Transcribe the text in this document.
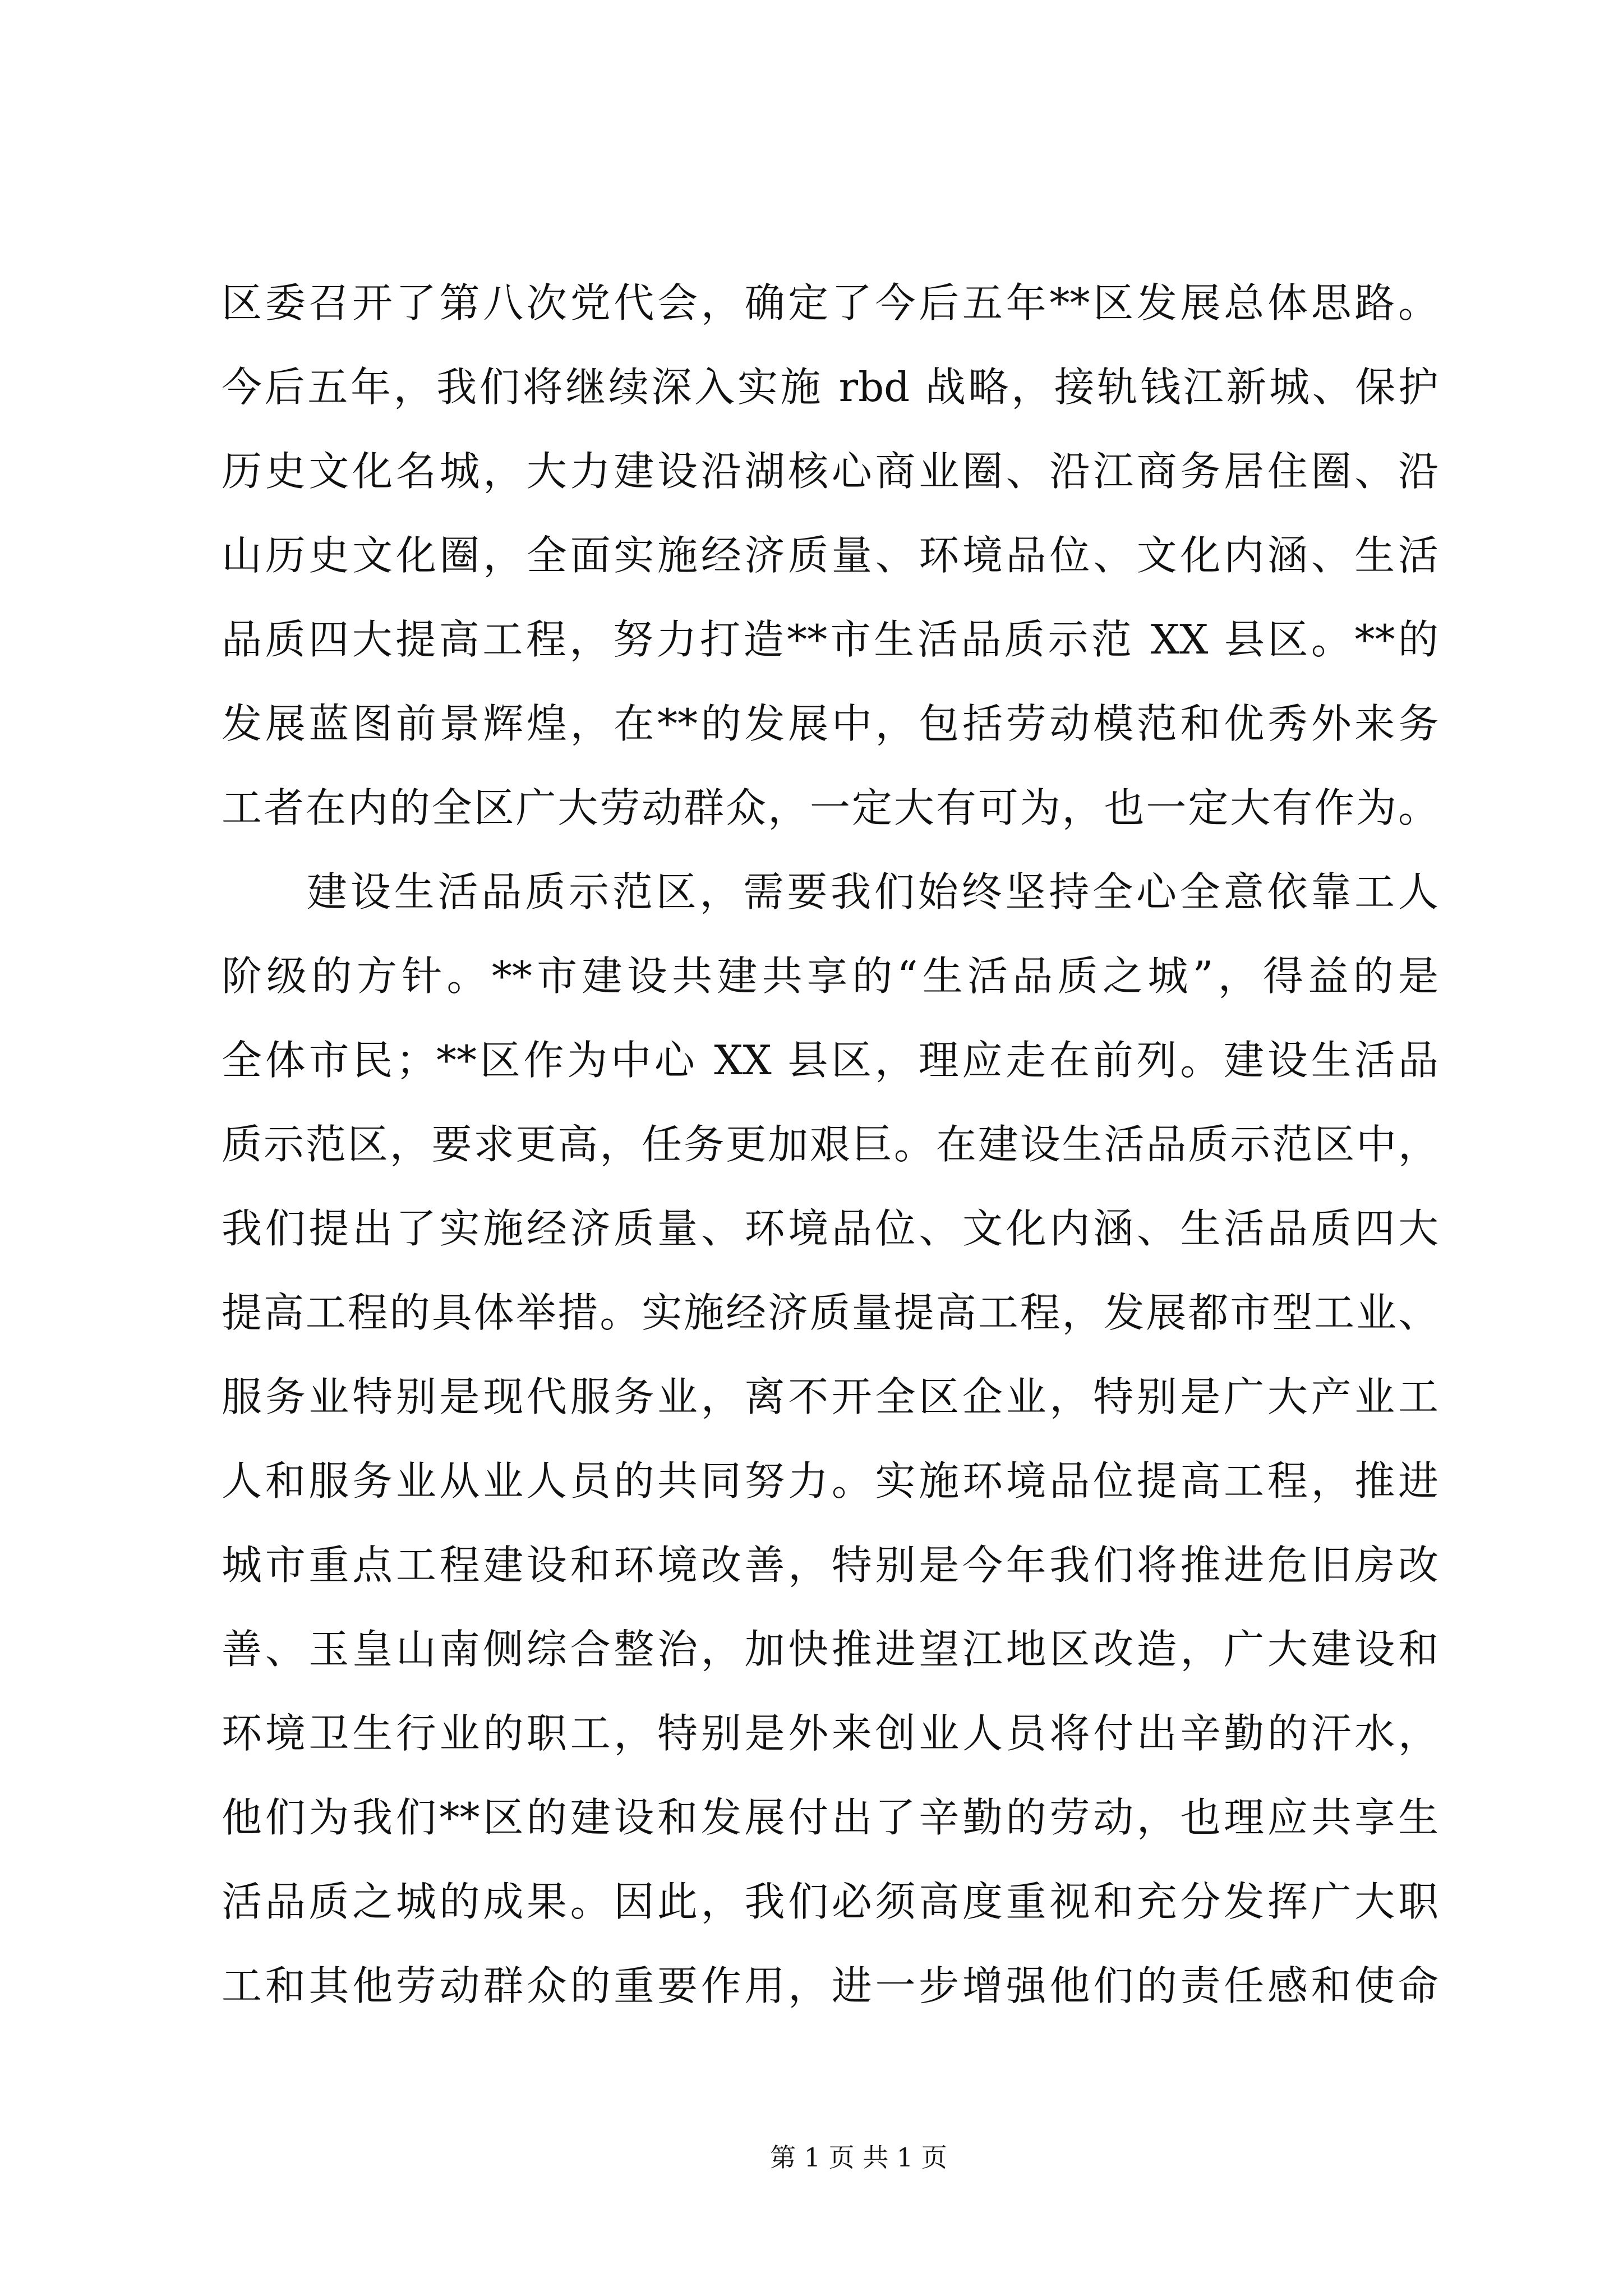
区委召开了第八次党代会，确定了今后五年**区发展总体思路。
今后五年，我们将继续深入实施 rbd 战略，接轨钱江新城、保护
历史文化名城，大力建设沿湖核心商业圈、沿江商务居住圈、沿
山历史文化圈，全面实施经济质量、环境品位、文化内涵、生活
品质四大提高工程，努力打造**市生活品质示范 XX 县区。**的
发展蓝图前景辉煌，在**的发展中，包括劳动模范和优秀外来务
工者在内的全区广大劳动群众，一定大有可为，也一定大有作为。
建设生活品质示范区，需要我们始终坚持全心全意依靠工人
阶级的方针。**市建设共建共享的“生活品质之城”，得益的是
全体市民；**区作为中心 XX 县区，理应走在前列。建设生活品
质示范区，要求更高，任务更加艰巨。在建设生活品质示范区中，
我们提出了实施经济质量、环境品位、文化内涵、生活品质四大
提高工程的具体举措。实施经济质量提高工程，发展都市型工业、
服务业特别是现代服务业，离不开全区企业，特别是广大产业工
人和服务业从业人员的共同努力。实施环境品位提高工程，推进
城市重点工程建设和环境改善，特别是今年我们将推进危旧房改
善、玉皇山南侧综合整治，加快推进望江地区改造，广大建设和
环境卫生行业的职工，特别是外来创业人员将付出辛勤的汗水，
他们为我们**区的建设和发展付出了辛勤的劳动，也理应共享生
活品质之城的成果。因此，我们必须高度重视和充分发挥广大职
工和其他劳动群众的重要作用，进一步增强他们的责任感和使命
第 1 页 共 1 页
